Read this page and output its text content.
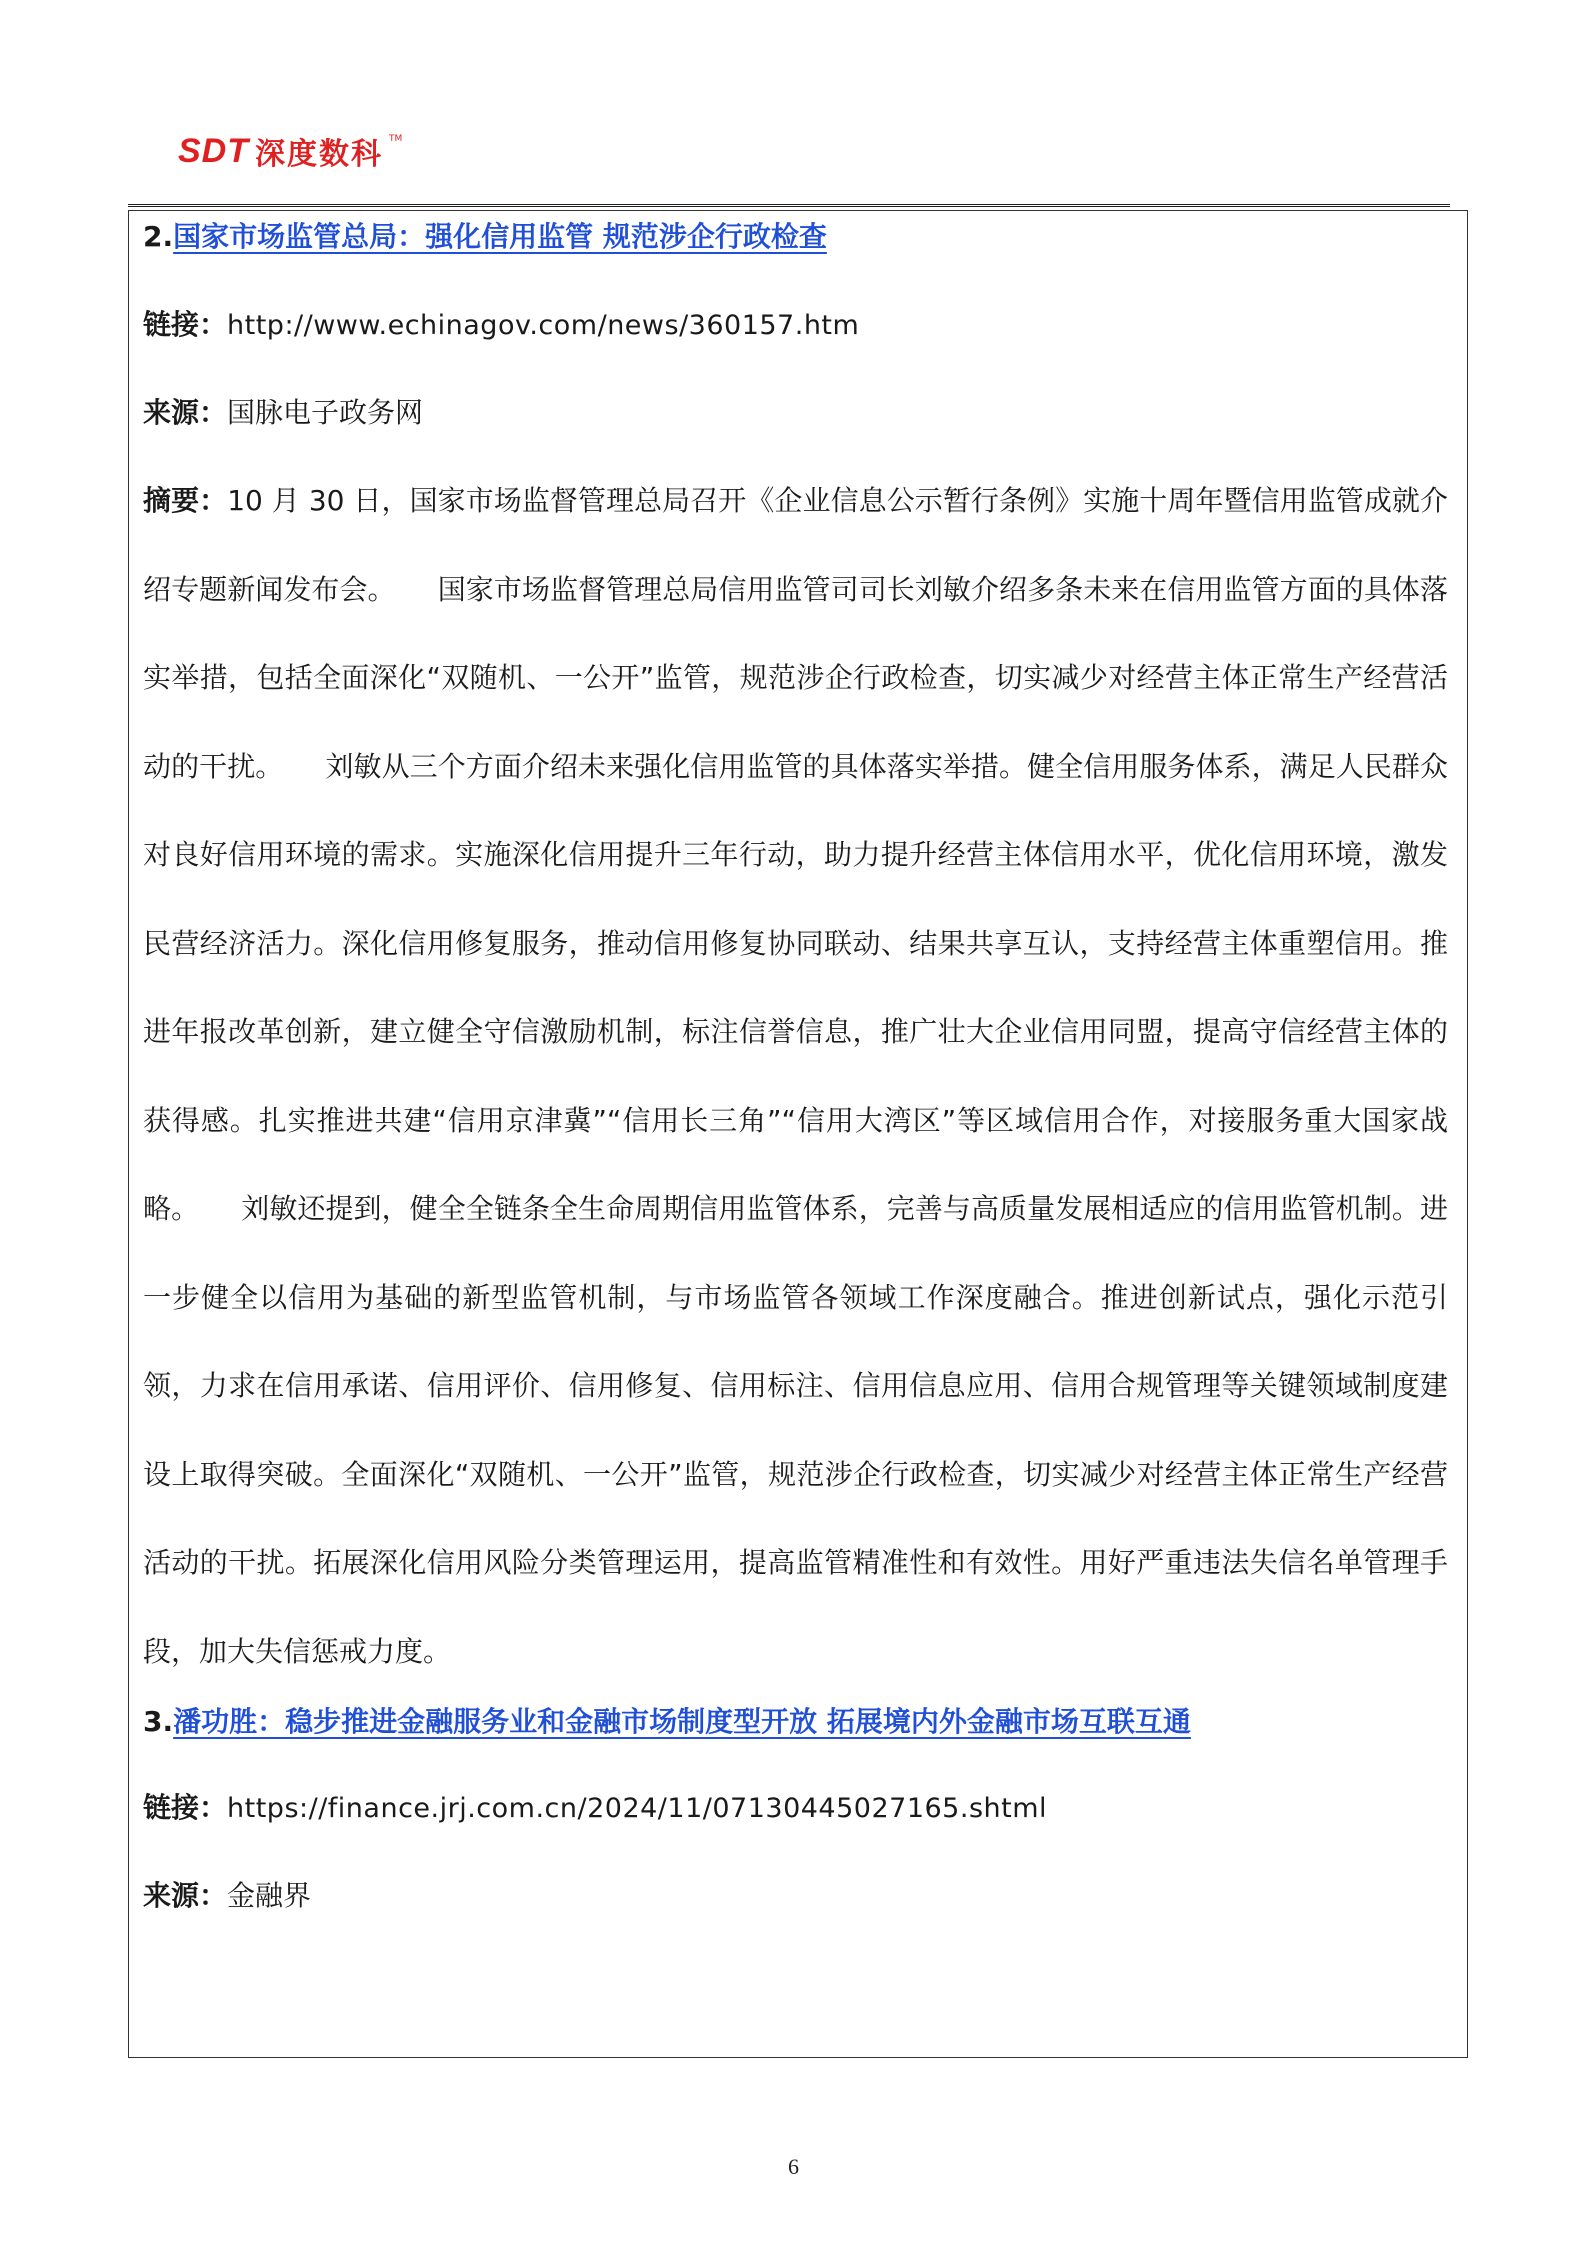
SDT 深度数科 TM
2.国家市场监管总局：强化信用监管 规范涉企行政检查
链接：http://www.echinagov.com/news/360157.htm
来源：国脉电子政务网

摘要：10 月 30 日，国家市场监督管理总局召开《企业信息公示暂行条例》实施十周年暨信用监管成就介绍专题新闻发布会。　　国家市场监督管理总局信用监管司司长刘敏介绍多条未来在信用监管方面的具体落实举措，包括全面深化“双随机、一公开”监管，规范涉企行政检查，切实减少对经营主体正常生产经营活动的干扰。　　刘敏从三个方面介绍未来强化信用监管的具体落实举措。健全信用服务体系，满足人民群众对良好信用环境的需求。实施深化信用提升三年行动，助力提升经营主体信用水平，优化信用环境，激发民营经济活力。深化信用修复服务，推动信用修复协同联动、结果共享互认，支持经营主体重塑信用。推进年报改革创新，建立健全守信激励机制，标注信誉信息，推广壮大企业信用同盟，提高守信经营主体的获得感。扎实推进共建“信用京津冀”“信用长三角”“信用大湾区”等区域信用合作，对接服务重大国家战略。　　刘敏还提到，健全全链条全生命周期信用监管体系，完善与高质量发展相适应的信用监管机制。进一步健全以信用为基础的新型监管机制，与市场监管各领域工作深度融合。推进创新试点，强化示范引领，力求在信用承诺、信用评价、信用修复、信用标注、信用信息应用、信用合规管理等关键领域制度建设上取得突破。全面深化“双随机、一公开”监管，规范涉企行政检查，切实减少对经营主体正常生产经营活动的干扰。拓展深化信用风险分类管理运用，提高监管精准性和有效性。用好严重违法失信名单管理手段，加大失信惩戒力度。

3.潘功胜：稳步推进金融服务业和金融市场制度型开放 拓展境内外金融市场互联互通
链接：https://finance.jrj.com.cn/2024/11/07130445027165.shtml
来源：金融界
6
